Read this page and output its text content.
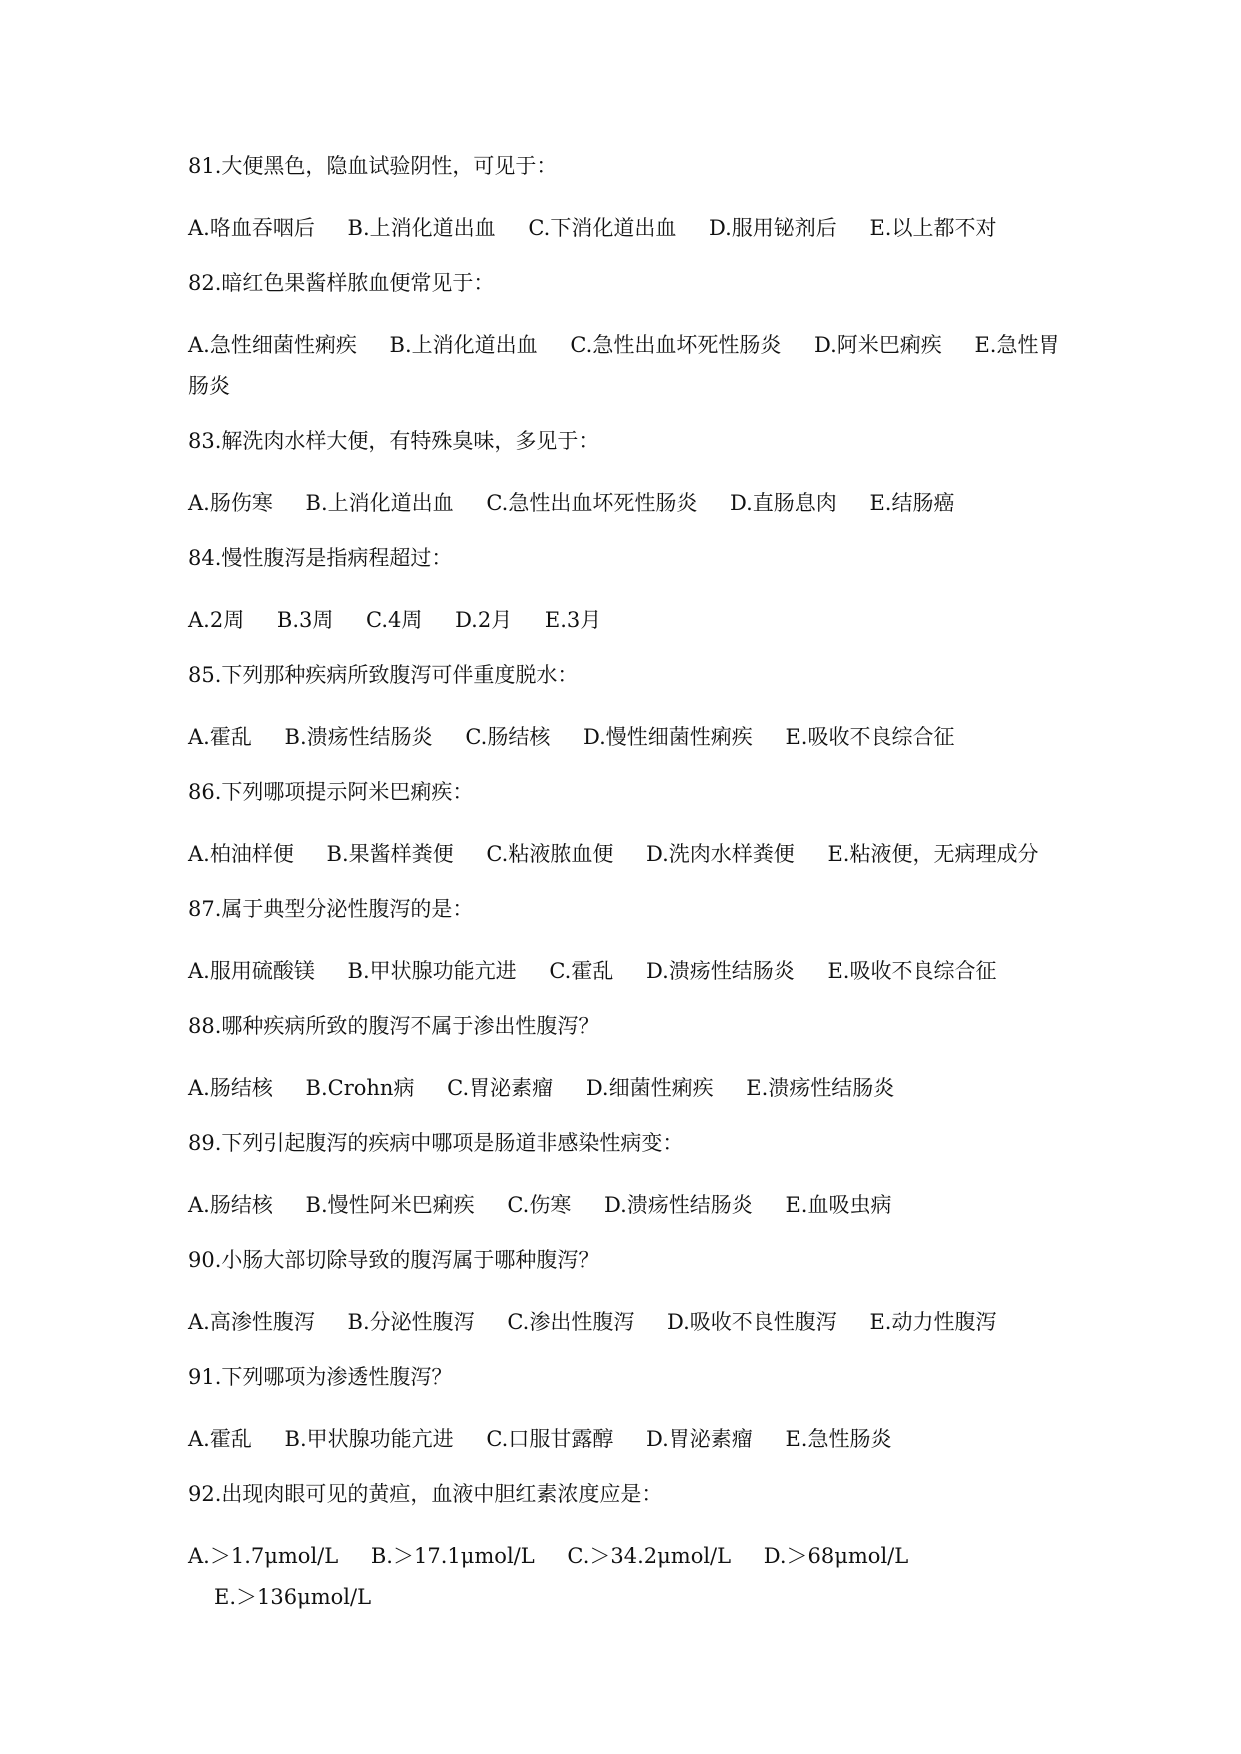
81.大便黑色，隐血试验阴性，可见于：
A.咯血吞咽后 B.上消化道出血 C.下消化道出血 D.服用铋剂后 E.以上都不对
82.暗红色果酱样脓血便常见于：
A.急性细菌性痢疾 B.上消化道出血 C.急性出血坏死性肠炎 D.阿米巴痢疾 E.急性胃肠炎
83.解洗肉水样大便，有特殊臭味，多见于：
A.肠伤寒 B.上消化道出血 C.急性出血坏死性肠炎 D.直肠息肉 E.结肠癌
84.慢性腹泻是指病程超过：
A.2周 B.3周 C.4周 D.2月 E.3月
85.下列那种疾病所致腹泻可伴重度脱水：
A.霍乱 B.溃疡性结肠炎 C.肠结核 D.慢性细菌性痢疾 E.吸收不良综合征
86.下列哪项提示阿米巴痢疾：
A.柏油样便 B.果酱样粪便 C.粘液脓血便 D.洗肉水样粪便 E.粘液便，无病理成分
87.属于典型分泌性腹泻的是：
A.服用硫酸镁 B.甲状腺功能亢进 C.霍乱 D.溃疡性结肠炎 E.吸收不良综合征
88.哪种疾病所致的腹泻不属于渗出性腹泻？
A.肠结核 B.Crohn病 C.胃泌素瘤 D.细菌性痢疾 E.溃疡性结肠炎
89.下列引起腹泻的疾病中哪项是肠道非感染性病变：
A.肠结核 B.慢性阿米巴痢疾 C.伤寒 D.溃疡性结肠炎 E.血吸虫病
90.小肠大部切除导致的腹泻属于哪种腹泻？
A.高渗性腹泻 B.分泌性腹泻 C.渗出性腹泻 D.吸收不良性腹泻 E.动力性腹泻
91.下列哪项为渗透性腹泻？
A.霍乱 B.甲状腺功能亢进 C.口服甘露醇 D.胃泌素瘤 E.急性肠炎
92.出现肉眼可见的黄疸，血液中胆红素浓度应是：
A.＞1.7μmol/L B.＞17.1μmol/L C.＞34.2μmol/L D.＞68μmol/L E.＞136μmol/L
